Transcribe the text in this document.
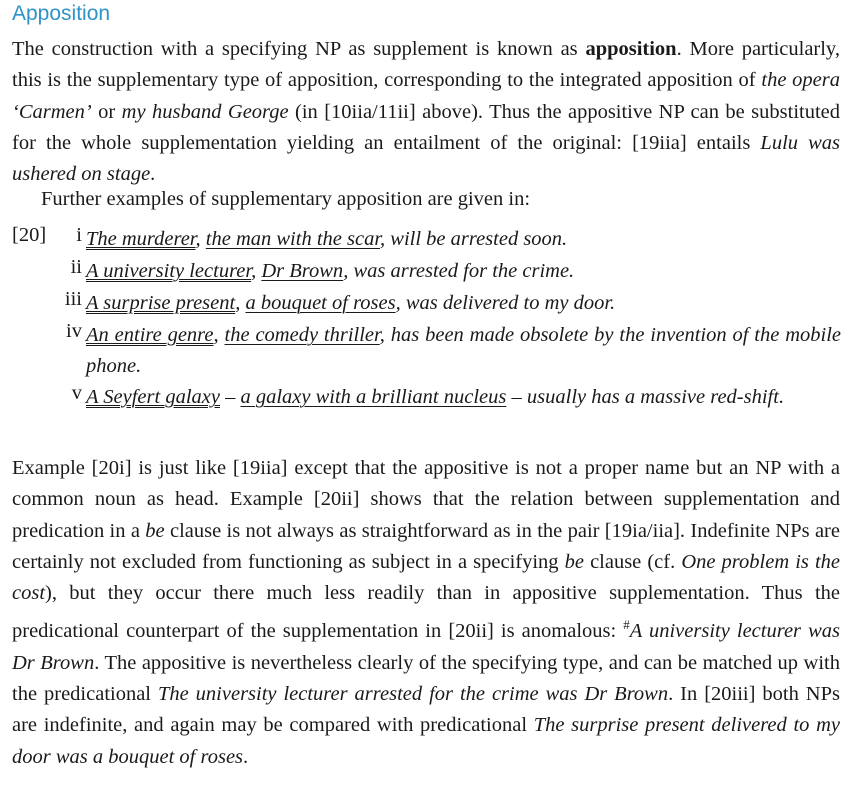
Apposition

The construction with a specifying NP as supplement is known as apposition. More particularly, this is the supplementary type of apposition, corresponding to the integrated apposition of the opera ‘Carmen’ or my husband George (in [10iia/11ii] above). Thus the appositive NP can be substituted for the whole supplementation yielding an entailment of the original: [19iia] entails Lulu was ushered on stage.

Further examples of supplementary apposition are given in:

[20]	i The murderer, the man with the scar, will be arrested soon.

ii A university lecturer, Dr Brown, was arrested for the crime.

iii A surprise present, a bouquet of roses, was delivered to my door.

iv An entire genre, the comedy thriller, has been made obsolete by the invention of the mobile phone.

v A Seyfert galaxy – a galaxy with a brilliant nucleus – usually has a massive red-shift.

Example [20i] is just like [19iia] except that the appositive is not a proper name but an NP with a common noun as head. Example [20ii] shows that the relation between supplementation and predication in a be clause is not always as straightforward as in the pair [19ia/iia]. Indefinite NPs are certainly not excluded from functioning as subject in a specifying be clause (cf. One problem is the cost), but they occur there much less readily than in appositive supplementation. Thus the predicational counterpart of the supplementation in [20ii] is anomalous: #A university lecturer was Dr Brown. The appositive is nevertheless clearly of the specifying type, and can be matched up with the predicational The university lecturer arrested for the crime was Dr Brown. In [20iii] both NPs are indefinite, and again may be compared with predicational The surprise present delivered to my door was a bouquet of roses.
